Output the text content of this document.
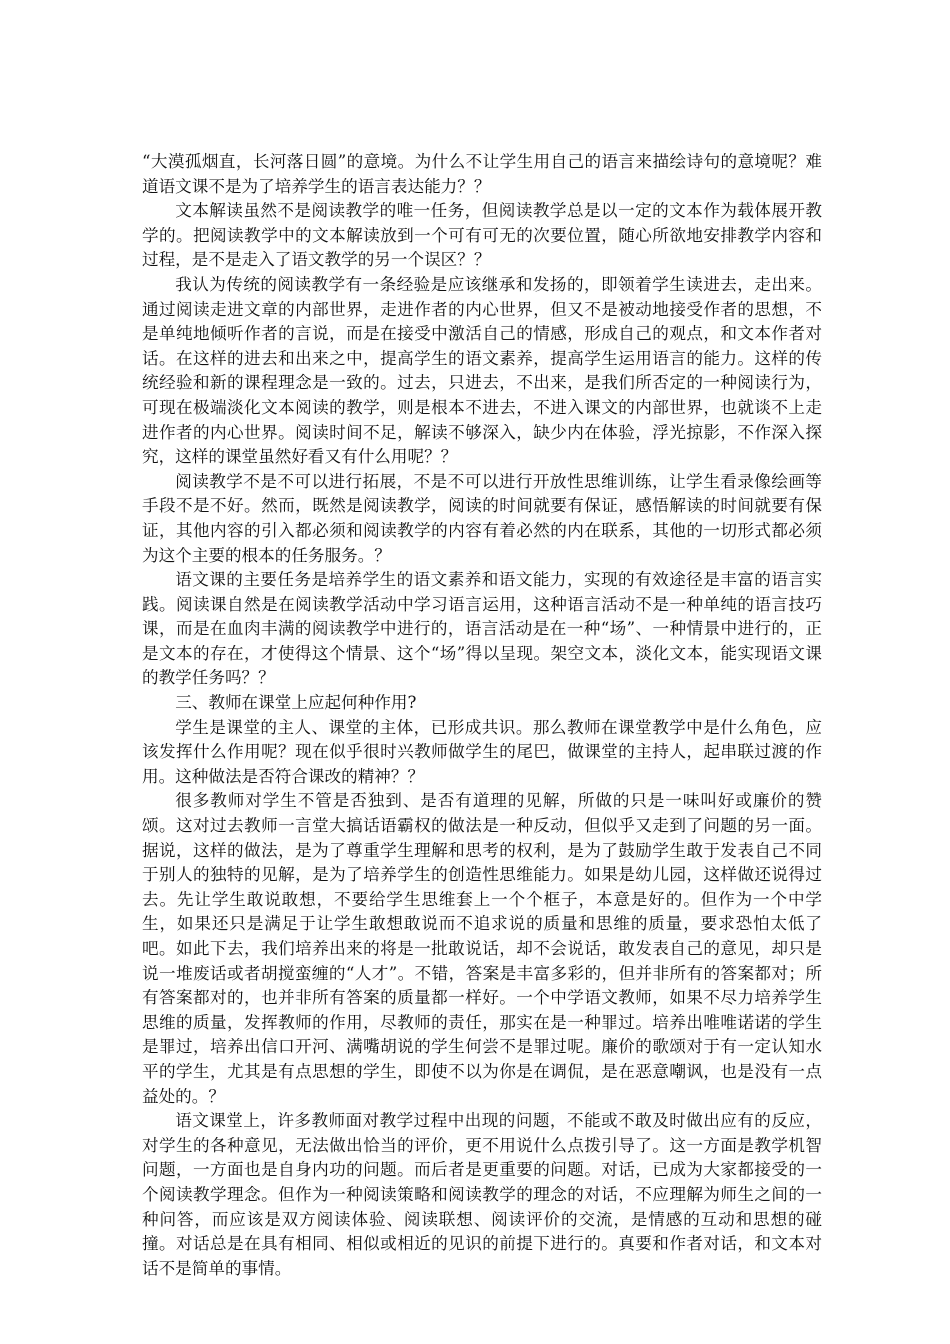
“大漠孤烟直，长河落日圆”的意境。为什么不让学生用自己的语言来描绘诗句的意境呢？难道语文课不是为了培养学生的语言表达能力？？

文本解读虽然不是阅读教学的唯一任务，但阅读教学总是以一定的文本作为载体展开教学的。把阅读教学中的文本解读放到一个可有可无的次要位置，随心所欲地安排教学内容和过程，是不是走入了语文教学的另一个误区？？

我认为传统的阅读教学有一条经验是应该继承和发扬的，即领着学生读进去，走出来。通过阅读走进文章的内部世界，走进作者的内心世界，但又不是被动地接受作者的思想，不是单纯地倾听作者的言说，而是在接受中激活自己的情感，形成自己的观点，和文本作者对话。在这样的进去和出来之中，提高学生的语文素养，提高学生运用语言的能力。这样的传统经验和新的课程理念是一致的。过去，只进去，不出来，是我们所否定的一种阅读行为，可现在极端淡化文本阅读的教学，则是根本不进去，不进入课文的内部世界，也就谈不上走进作者的内心世界。阅读时间不足，解读不够深入，缺少内在体验，浮光掠影，不作深入探究，这样的课堂虽然好看又有什么用呢？？

阅读教学不是不可以进行拓展，不是不可以进行开放性思维训练，让学生看录像绘画等手段不是不好。然而，既然是阅读教学，阅读的时间就要有保证，感悟解读的时间就要有保证，其他内容的引入都必须和阅读教学的内容有着必然的内在联系，其他的一切形式都必须为这个主要的根本的任务服务。？

语文课的主要任务是培养学生的语文素养和语文能力，实现的有效途径是丰富的语言实践。阅读课自然是在阅读教学活动中学习语言运用，这种语言活动不是一种单纯的语言技巧课，而是在血肉丰满的阅读教学中进行的，语言活动是在一种“场”、一种情景中进行的，正是文本的存在，才使得这个情景、这个“场”得以呈现。架空文本，淡化文本，能实现语文课的教学任务吗？？

三、教师在课堂上应起何种作用?

学生是课堂的主人、课堂的主体，已形成共识。那么教师在课堂教学中是什么角色，应该发挥什么作用呢？现在似乎很时兴教师做学生的尾巴，做课堂的主持人，起串联过渡的作用。这种做法是否符合课改的精神？？

很多教师对学生不管是否独到、是否有道理的见解，所做的只是一味叫好或廉价的赞颂。这对过去教师一言堂大搞话语霸权的做法是一种反动，但似乎又走到了问题的另一面。据说，这样的做法，是为了尊重学生理解和思考的权利，是为了鼓励学生敢于发表自己不同于别人的独特的见解，是为了培养学生的创造性思维能力。如果是幼儿园，这样做还说得过去。先让学生敢说敢想，不要给学生思维套上一个个框子，本意是好的。但作为一个中学生，如果还只是满足于让学生敢想敢说而不追求说的质量和思维的质量，要求恐怕太低了吧。如此下去，我们培养出来的将是一批敢说话，却不会说话，敢发表自己的意见，却只是说一堆废话或者胡搅蛮缠的“人才”。不错，答案是丰富多彩的，但并非所有的答案都对；所有答案都对的，也并非所有答案的质量都一样好。一个中学语文教师，如果不尽力培养学生思维的质量，发挥教师的作用，尽教师的责任，那实在是一种罪过。培养出唯唯诺诺的学生是罪过，培养出信口开河、满嘴胡说的学生何尝不是罪过呢。廉价的歌颂对于有一定认知水平的学生，尤其是有点思想的学生，即使不以为你是在调侃，是在恶意嘲讽，也是没有一点益处的。？

语文课堂上，许多教师面对教学过程中出现的问题，不能或不敢及时做出应有的反应，对学生的各种意见，无法做出恰当的评价，更不用说什么点拨引导了。这一方面是教学机智问题，一方面也是自身内功的问题。而后者是更重要的问题。对话，已成为大家都接受的一个阅读教学理念。但作为一种阅读策略和阅读教学的理念的对话，不应理解为师生之间的一种问答，而应该是双方阅读体验、阅读联想、阅读评价的交流，是情感的互动和思想的碰撞。对话总是在具有相同、相似或相近的见识的前提下进行的。真要和作者对话，和文本对话不是简单的事情。
